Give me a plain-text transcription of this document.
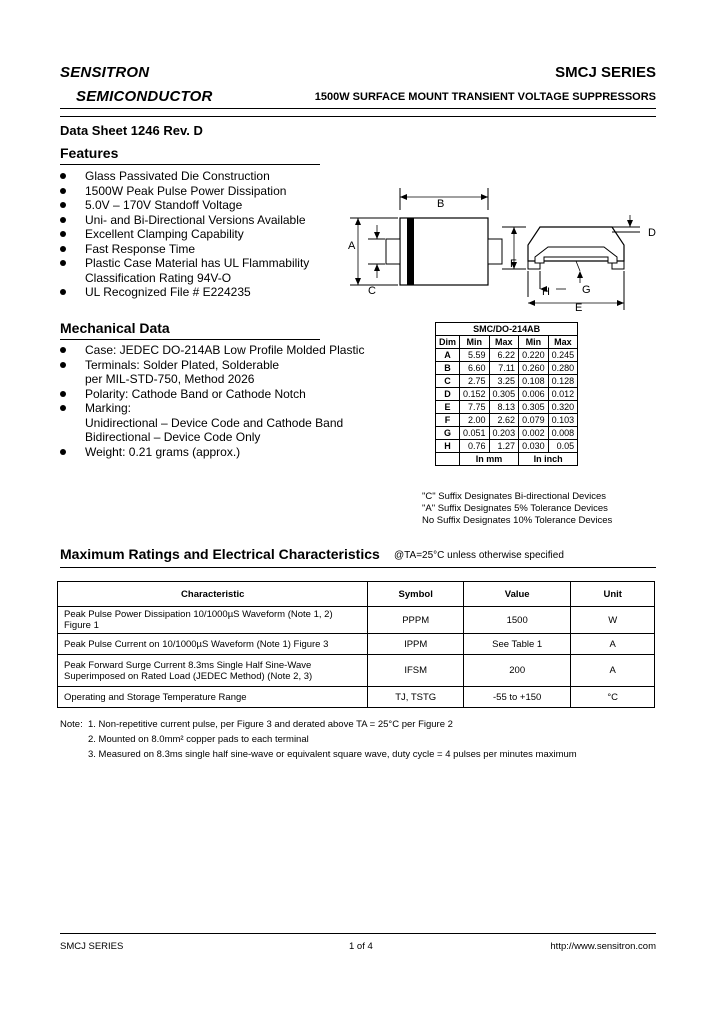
SENSITRON
SEMICONDUCTOR
SMCJ SERIES
1500W SURFACE MOUNT TRANSIENT VOLTAGE SUPPRESSORS
Data Sheet 1246 Rev. D
Features
Glass Passivated Die Construction
1500W Peak Pulse Power Dissipation
5.0V – 170V Standoff Voltage
Uni- and Bi-Directional Versions Available
Excellent Clamping Capability
Fast Response Time
Plastic Case Material has UL Flammability
Classification Rating 94V-O
UL Recognized File # E224235
B
A
C
D
F
H	G
E
Mechanical Data
Case: JEDEC DO-214AB Low Profile Molded Plastic
Terminals: Solder Plated, Solderable
per MIL-STD-750, Method 2026
Polarity: Cathode Band or Cathode Notch
Marking:
Unidirectional – Device Code and Cathode Band
Bidirectional – Device Code Only
Weight: 0.21 grams (approx.)
SMC/DO-214AB				
Dim	Min	Max	Min	Max
A	5.59	6.22	0.220	0.245
B	6.60	7.11	0.260	0.280
C	2.75	3.25	0.108	0.128
D	0.152	0.305	0.006	0.012
E	7.75	8.13	0.305	0.320
F	2.00	2.62	0.079	0.103
G	0.051	0.203	0.002	0.008
H	0.76	1.27	0.030	0.05
	In mm		In inch	
"C" Suffix Designates Bi-directional Devices
"A" Suffix Designates 5% Tolerance Devices
No Suffix Designates 10% Tolerance Devices
Maximum Ratings and Electrical Characteristics @TA=25°C unless otherwise specified
Characteristic	Symbol	Value	Unit
Peak Pulse Power Dissipation 10/1000µS Waveform (Note 1, 2) Figure 1	PPPM	1500	W
Peak Pulse Current on 10/1000µS Waveform (Note 1) Figure 3	IPPM	See Table 1	A
Peak Forward Surge Current 8.3ms Single Half Sine-Wave
Superimposed on Rated Load (JEDEC Method) (Note 2, 3)	IFSM	200	A
Operating and Storage Temperature Range	TJ, TSTG	-55 to +150	°C
Note: 1. Non-repetitive current pulse, per Figure 3 and derated above TA = 25°C per Figure 2
2. Mounted on 8.0mm² copper pads to each terminal
3. Measured on 8.3ms single half sine-wave or equivalent square wave, duty cycle = 4 pulses per minutes maximum
SMCJ SERIES	1 of 4	http://www.sensitron.com
